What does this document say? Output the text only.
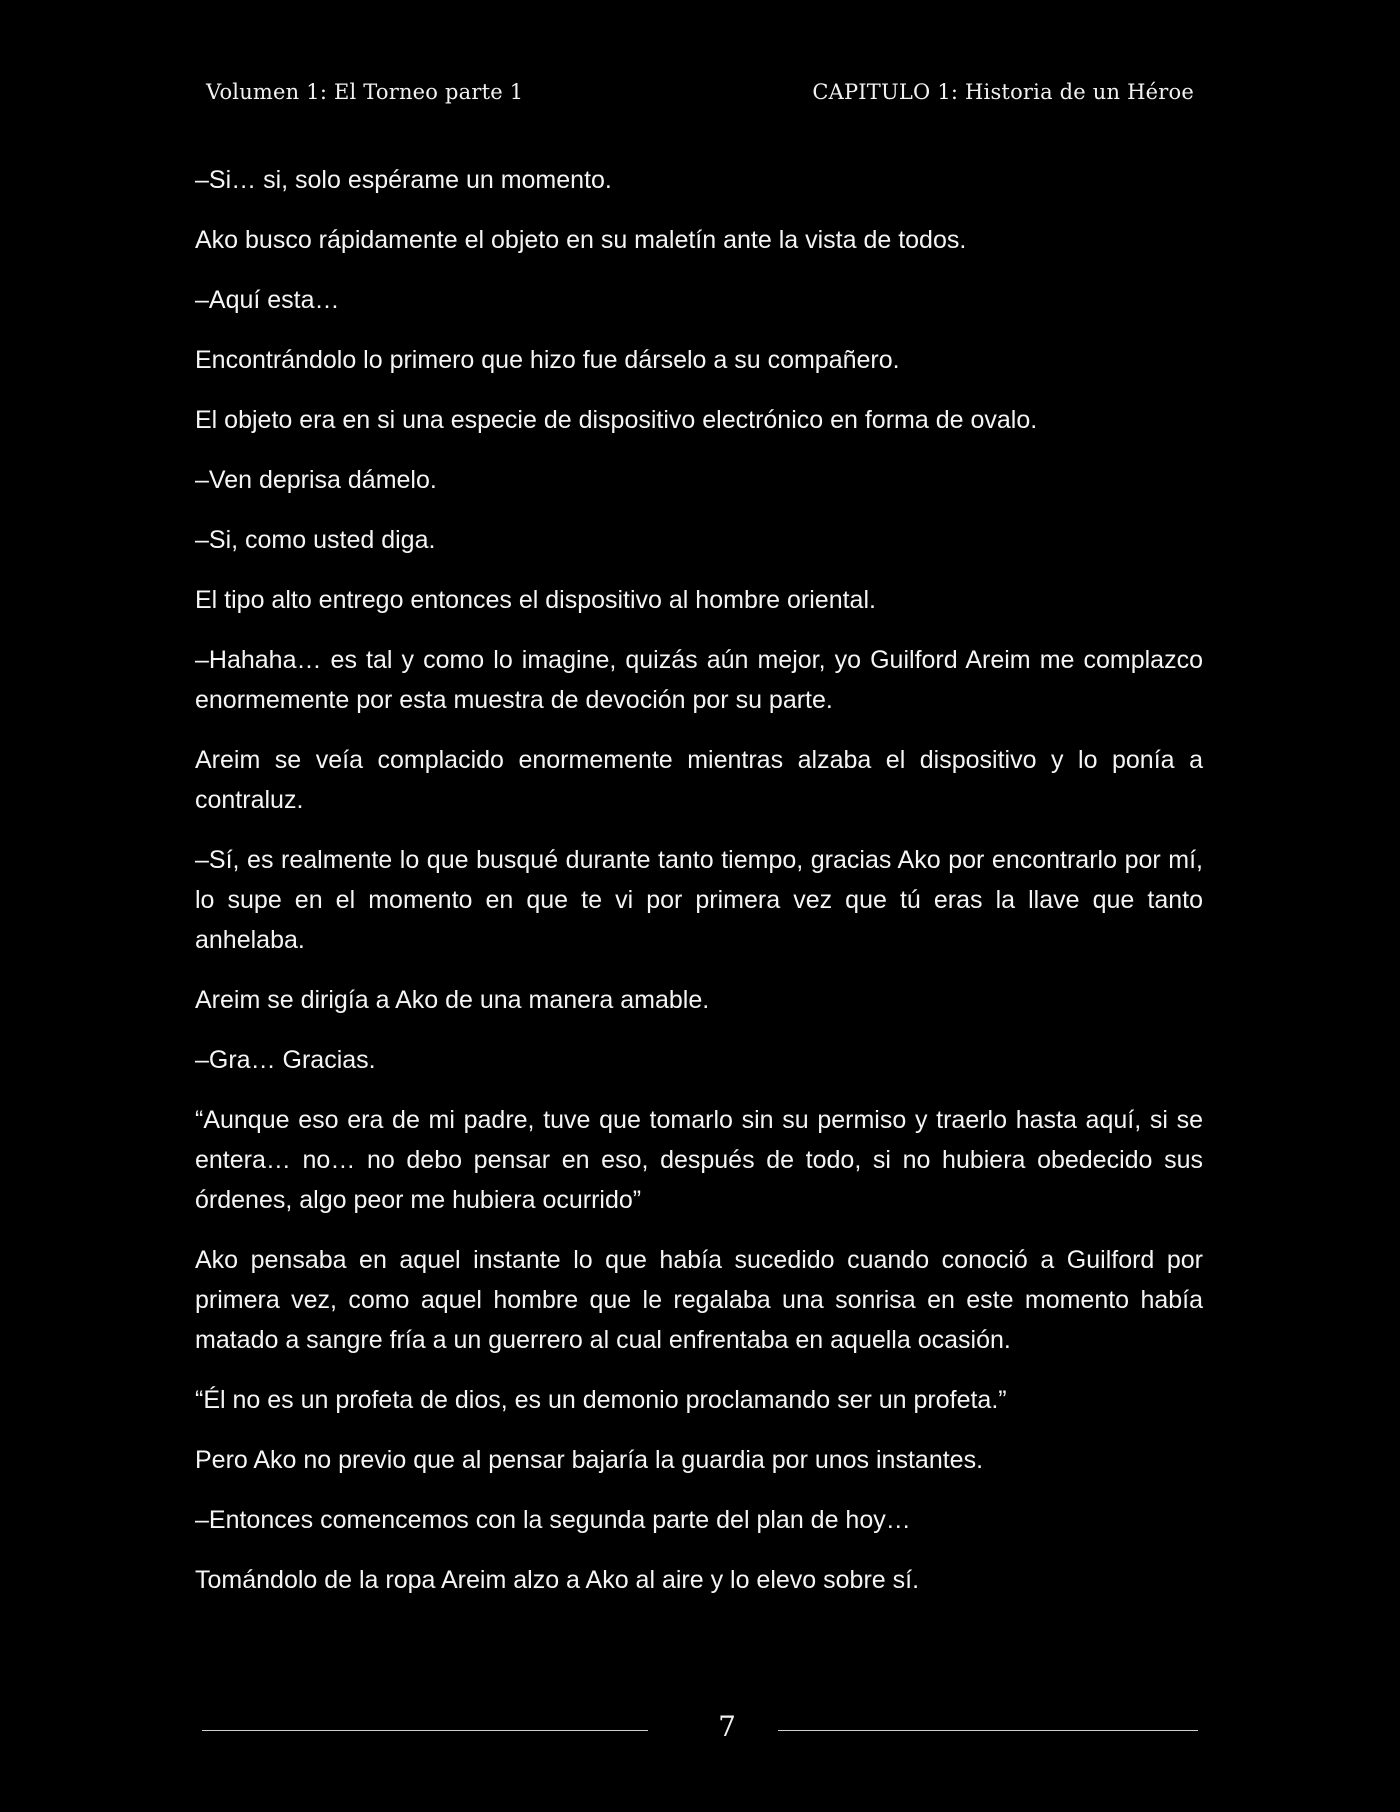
Volumen 1: El Torneo parte 1	CAPITULO 1: Historia de un Héroe

–Si… si, solo espérame un momento.

Ako busco rápidamente el objeto en su maletín ante la vista de todos.

–Aquí esta…

Encontrándolo lo primero que hizo fue dárselo a su compañero.

El objeto era en si una especie de dispositivo electrónico en forma de ovalo.

–Ven deprisa dámelo.

–Si, como usted diga.

El tipo alto entrego entonces el dispositivo al hombre oriental.

–Hahaha… es tal y como lo imagine, quizás aún mejor, yo Guilford Areim me complazco enormemente por esta muestra de devoción por su parte.

Areim se veía complacido enormemente mientras alzaba el dispositivo y lo ponía a contraluz.

–Sí, es realmente lo que busqué durante tanto tiempo, gracias Ako por encontrarlo por mí, lo supe en el momento en que te vi por primera vez que tú eras la llave que tanto anhelaba.

Areim se dirigía a Ako de una manera amable.

–Gra… Gracias.

“Aunque eso era de mi padre, tuve que tomarlo sin su permiso y traerlo hasta aquí, si se entera… no… no debo pensar en eso, después de todo, si no hubiera obedecido sus órdenes, algo peor me hubiera ocurrido”

Ako pensaba en aquel instante lo que había sucedido cuando conoció a Guilford por primera vez, como aquel hombre que le regalaba una sonrisa en este momento había matado a sangre fría a un guerrero al cual enfrentaba en aquella ocasión.

“Él no es un profeta de dios, es un demonio proclamando ser un profeta.”

Pero Ako no previo que al pensar bajaría la guardia por unos instantes.

–Entonces comencemos con la segunda parte del plan de hoy…

Tomándolo de la ropa Areim alzo a Ako al aire y lo elevo sobre sí.

7
